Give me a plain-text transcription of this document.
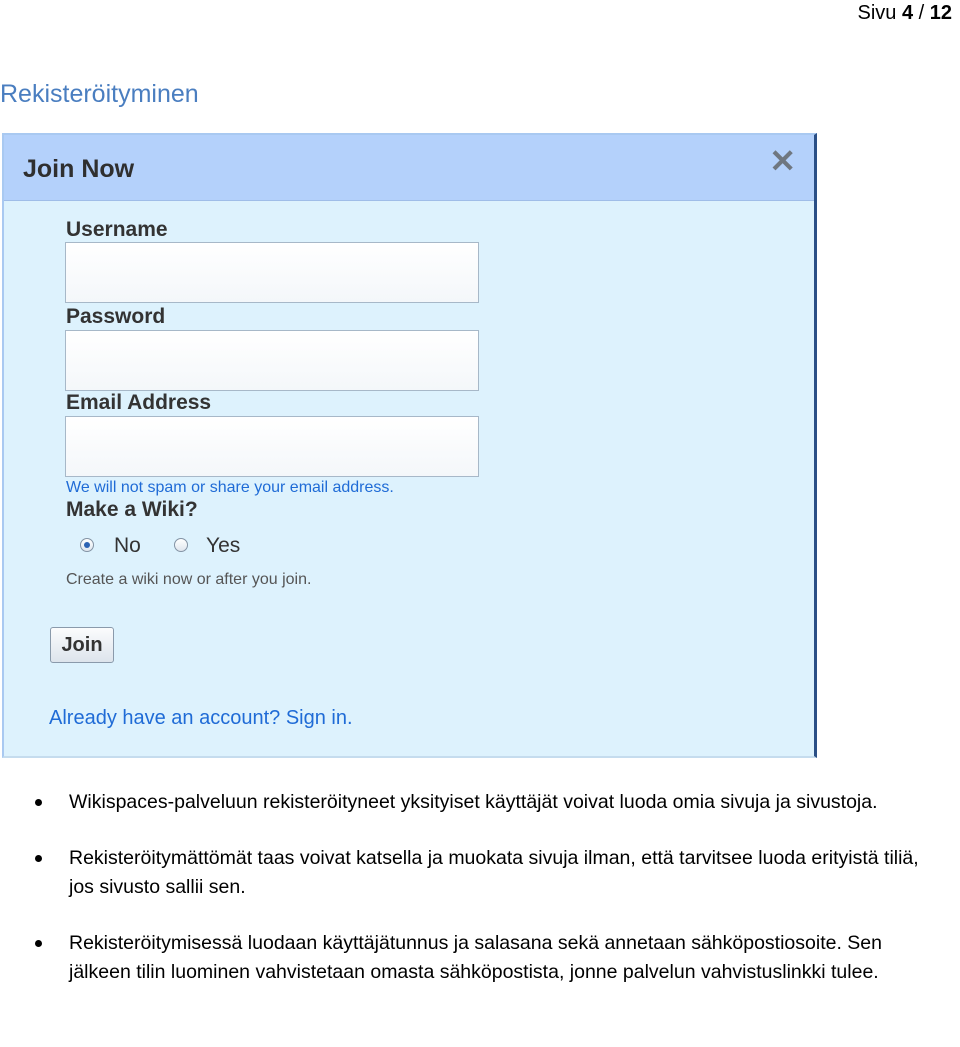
Sivu 4 / 12
Rekisteröityminen
Join Now	✕
Username
Password
Email Address
We will not spam or share your email address.
Make a Wiki?
No	Yes
Create a wiki now or after you join.
Join
Already have an account? Sign in.
Wikispaces-palveluun rekisteröityneet yksityiset käyttäjät voivat luoda omia sivuja ja sivustoja.
Rekisteröitymättömät taas voivat katsella ja muokata sivuja ilman, että tarvitsee luoda erityistä tiliä, jos sivusto sallii sen.
Rekisteröitymisessä luodaan käyttäjätunnus ja salasana sekä annetaan sähköpostiosoite. Sen jälkeen tilin luominen vahvistetaan omasta sähköpostista, jonne palvelun vahvistuslinkki tulee.
